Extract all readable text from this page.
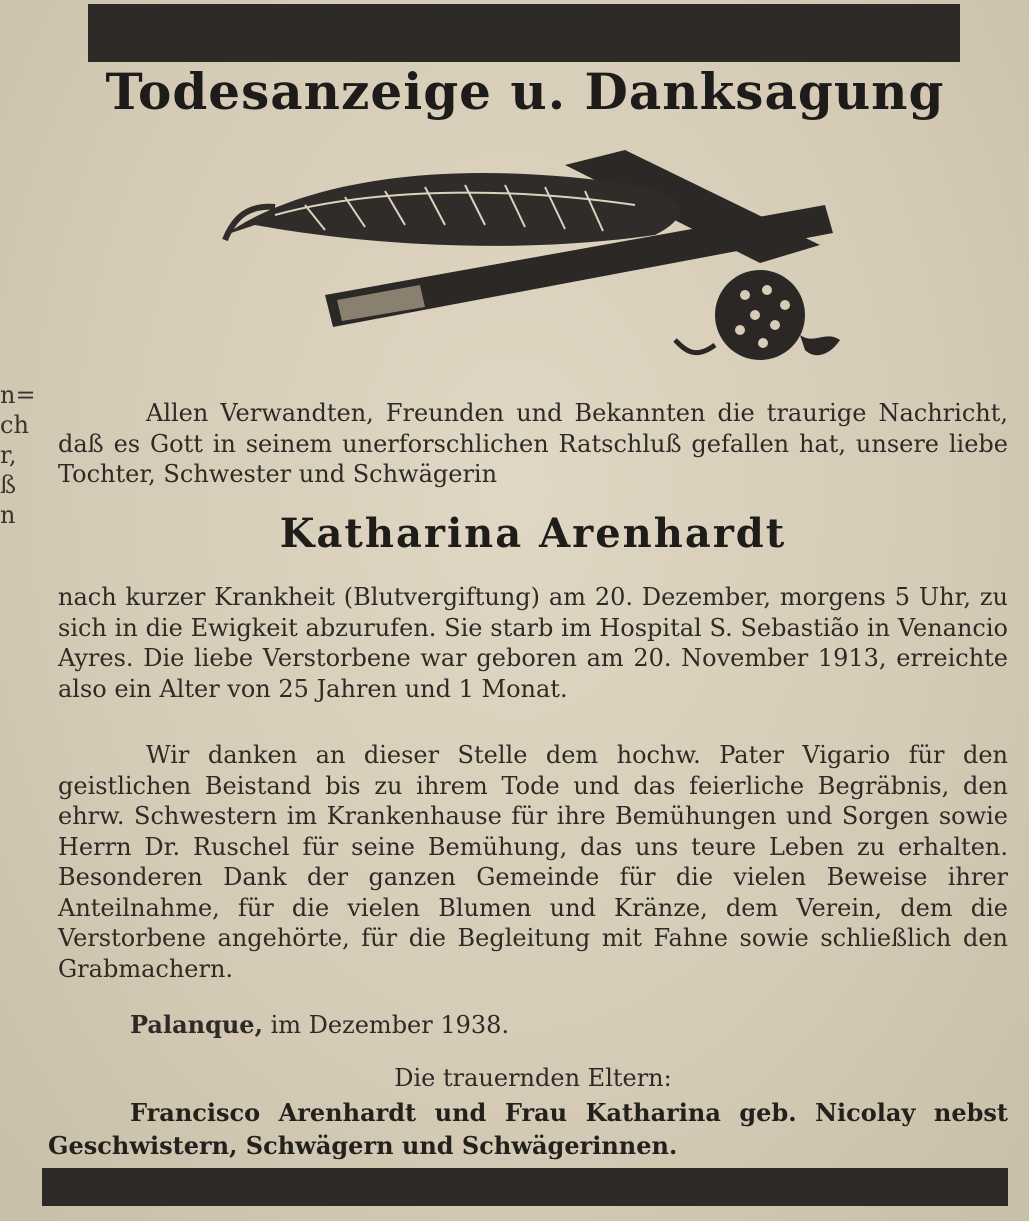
n=
ch
r,
ß
n
Todesanzeige u. Danksagung
Allen Verwandten, Freunden und Bekannten die traurige Nachricht, daß es Gott in seinem unerforschlichen Ratschluß gefallen hat, unsere liebe Tochter, Schwester und Schwägerin
Katharina Arenhardt
nach kurzer Krankheit (Blutvergiftung) am 20. Dezember, morgens 5 Uhr, zu sich in die Ewigkeit abzurufen. Sie starb im Hospital S. Sebastião in Venancio Ayres. Die liebe Verstorbene war geboren am 20. November 1913, erreichte also ein Alter von 25 Jahren und 1 Monat.
Wir danken an dieser Stelle dem hochw. Pater Vigario für den geistlichen Beistand bis zu ihrem Tode und das feierliche Begräbnis, den ehrw. Schwestern im Krankenhause für ihre Bemühungen und Sorgen sowie Herrn Dr. Ruschel für seine Bemühung, das uns teure Leben zu erhalten. Besonderen Dank der ganzen Gemeinde für die vielen Beweise ihrer Anteilnahme, für die vielen Blumen und Kränze, dem Verein, dem die Verstorbene angehörte, für die Begleitung mit Fahne sowie schließlich den Grabmachern.
Palanque, im Dezember 1938.
Die trauernden Eltern:
Francisco Arenhardt und Frau Katharina geb. Nicolay nebst Geschwistern, Schwägern und Schwägerinnen.
